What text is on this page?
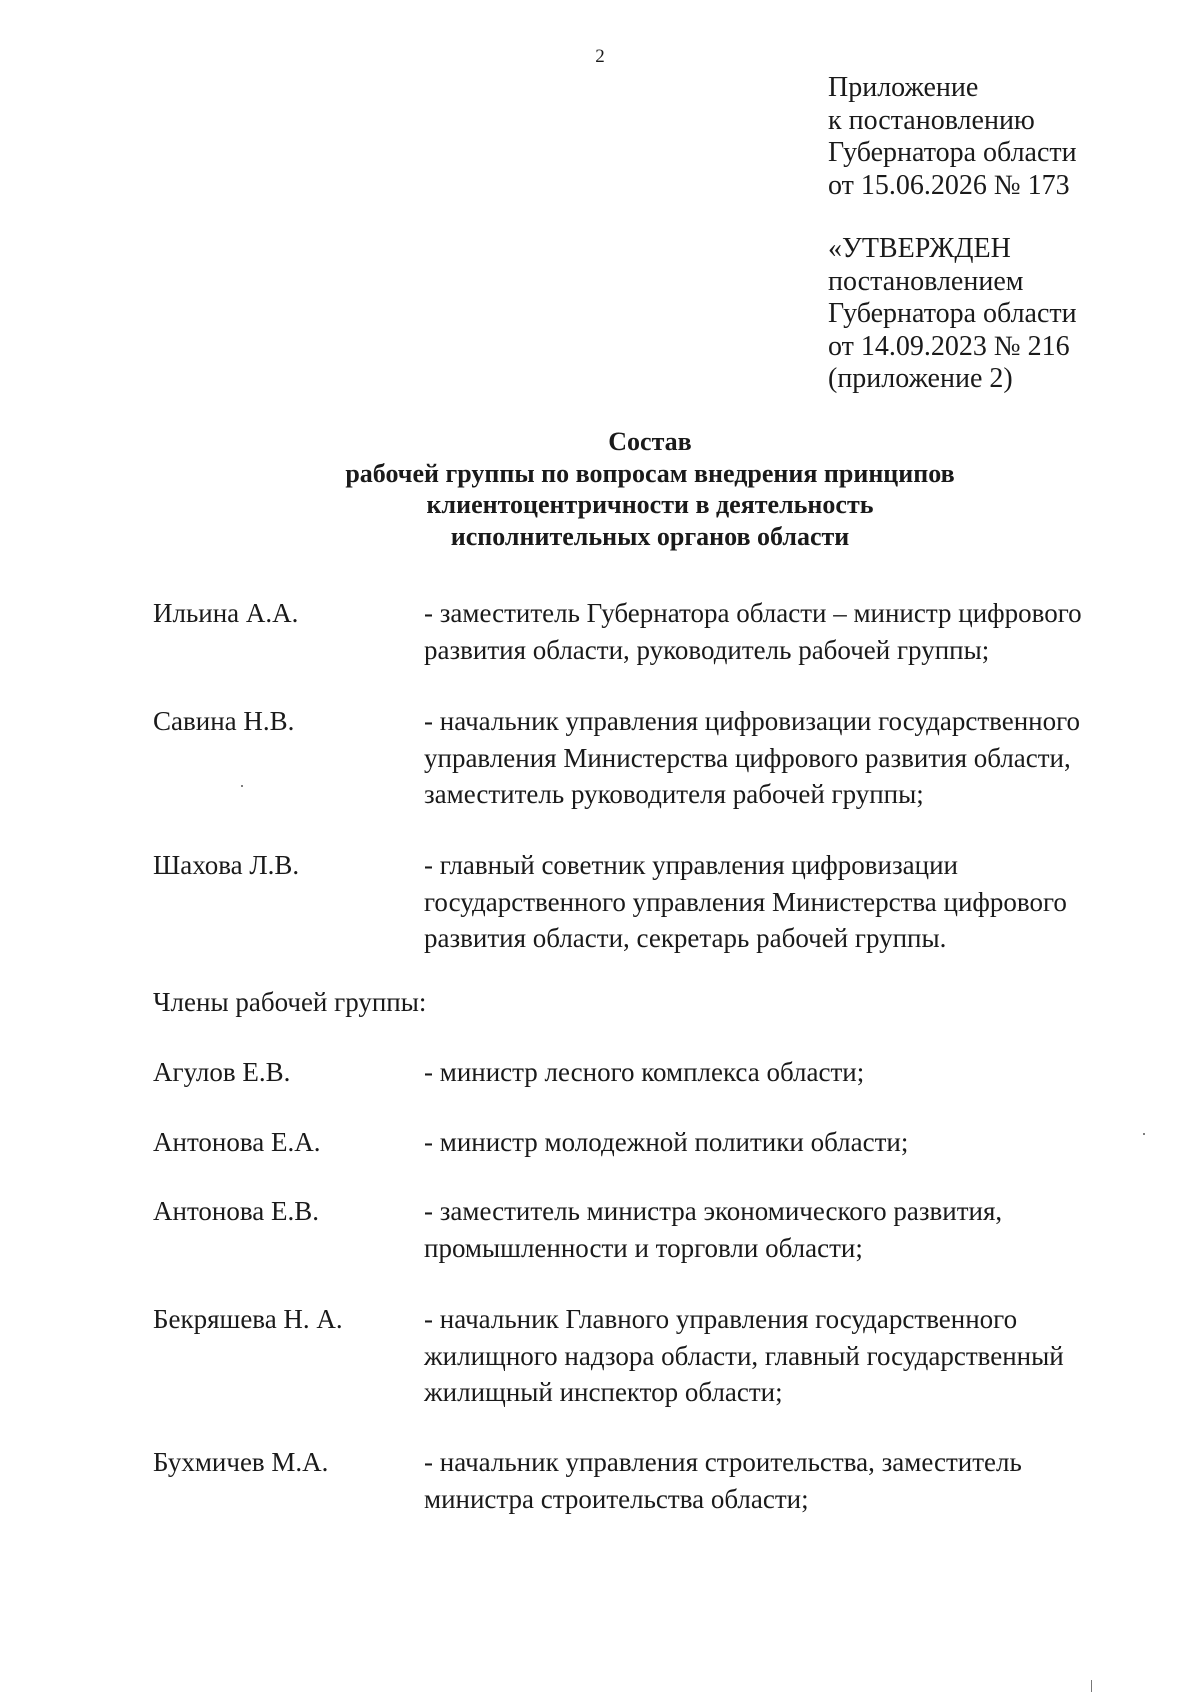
2
Приложение
к постановлению
Губернатора области
от 15.06.2026 № 173
«УТВЕРЖДЕН
постановлением
Губернатора области
от 14.09.2023 № 216
(приложение 2)
Состав
рабочей группы по вопросам внедрения принципов
клиентоцентричности в деятельность
исполнительных органов области
Ильина А.А.	- заместитель Губернатора области – министр цифрового
развития области, руководитель рабочей группы;
Савина Н.В.	- начальник управления цифровизации государственного
управления Министерства цифрового развития области,
заместитель руководителя рабочей группы;
Шахова Л.В.	- главный советник управления цифровизации
государственного управления Министерства цифрового
развития области, секретарь рабочей группы.
Члены рабочей группы:
Агулов Е.В.	- министр лесного комплекса области;
Антонова Е.А.	- министр молодежной политики области;
Антонова Е.В.	- заместитель министра экономического развития,
промышленности и торговли области;
Бекряшева Н. А.	- начальник Главного управления государственного
жилищного надзора области, главный государственный
жилищный инспектор области;
Бухмичев М.А.	- начальник управления строительства, заместитель
министра строительства области;
